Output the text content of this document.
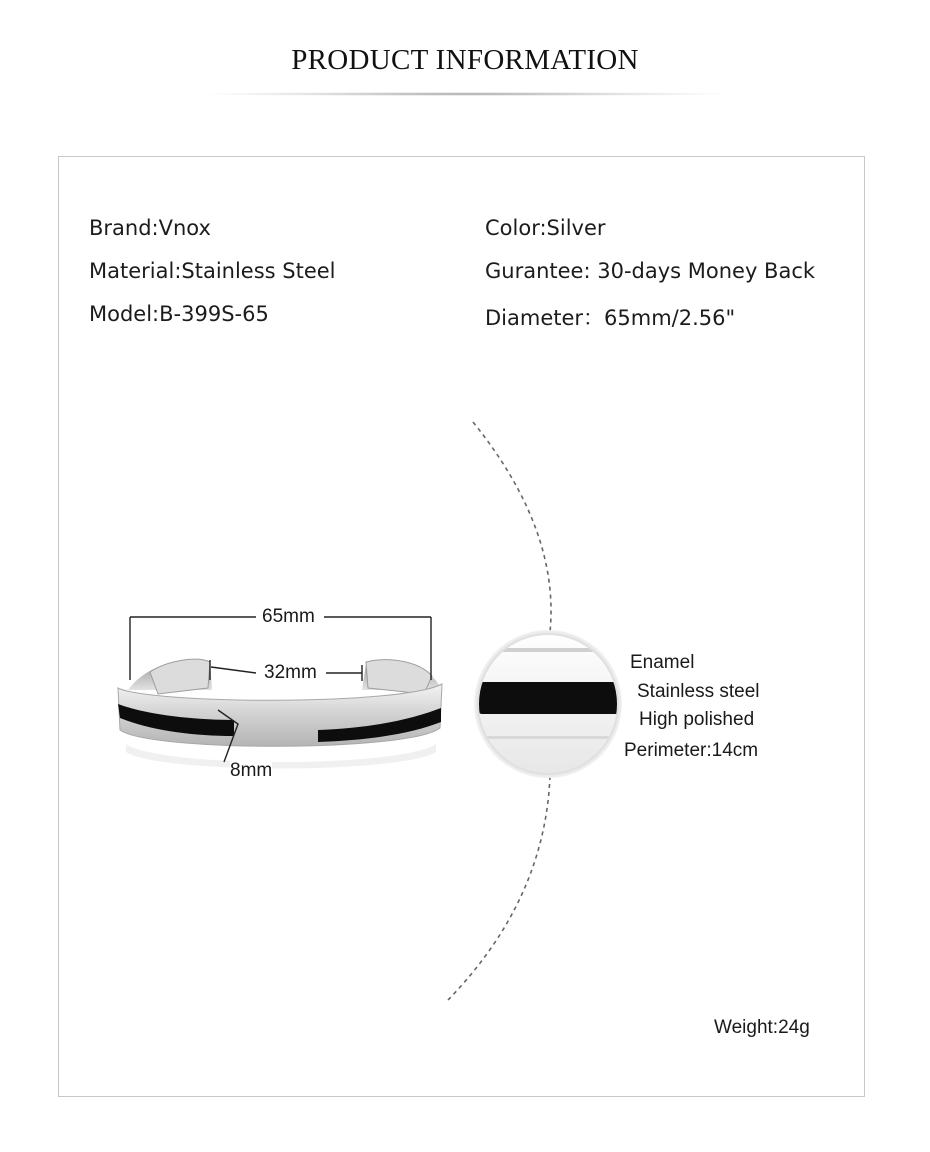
PRODUCT INFORMATION
Brand:Vnox
Material:Stainless Steel
Model:B-399S-65
Color:Silver
Gurantee: 30-days Money Back
Diameter：65mm/2.56"
65mm
32mm
8mm
Enamel
Stainless steel
High polished
Perimeter:14cm
Weight:24g
